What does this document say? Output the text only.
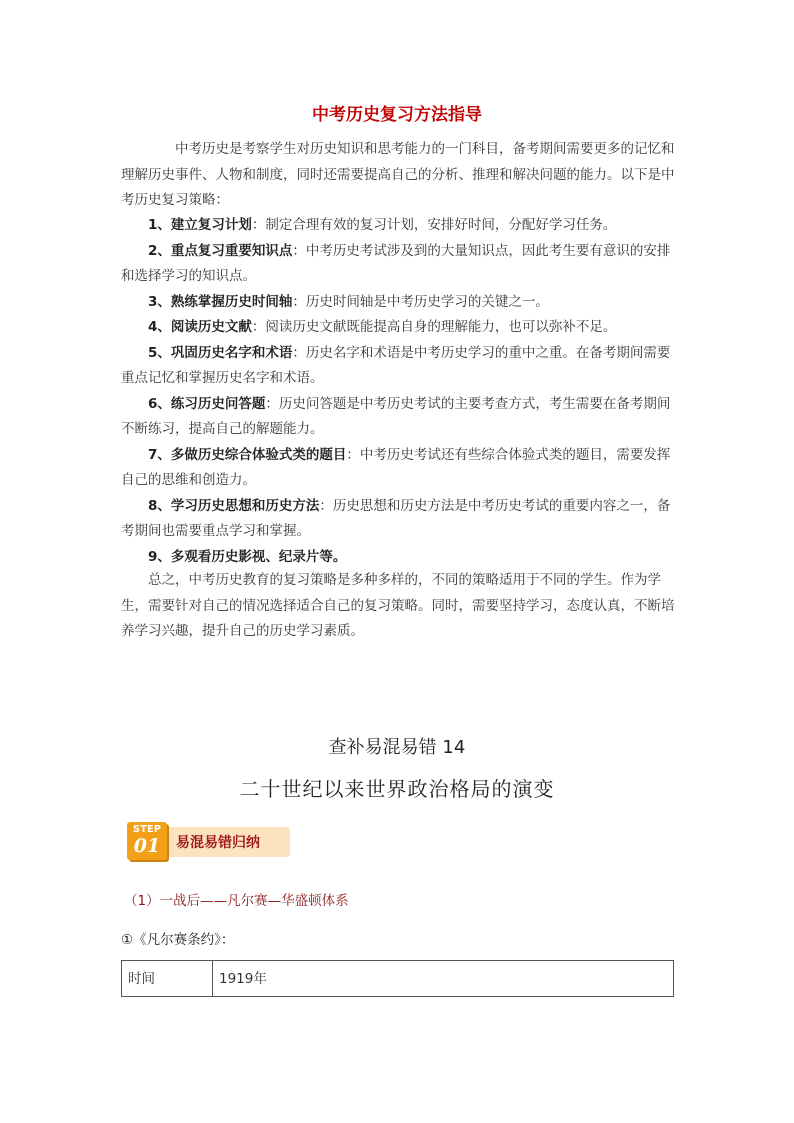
中考历史复习方法指导
中考历史是考察学生对历史知识和思考能力的一门科目，备考期间需要更多的记忆和理解历史事件、人物和制度，同时还需要提高自己的分析、推理和解决问题的能力。以下是中考历史复习策略：

1、建立复习计划：制定合理有效的复习计划，安排好时间，分配好学习任务。

2、重点复习重要知识点：中考历史考试涉及到的大量知识点，因此考生要有意识的安排和选择学习的知识点。

3、熟练掌握历史时间轴：历史时间轴是中考历史学习的关键之一。

4、阅读历史文献：阅读历史文献既能提高自身的理解能力，也可以弥补不足。

5、巩固历史名字和术语：历史名字和术语是中考历史学习的重中之重。在备考期间需要重点记忆和掌握历史名字和术语。

6、练习历史问答题：历史问答题是中考历史考试的主要考查方式，考生需要在备考期间不断练习，提高自己的解题能力。

7、多做历史综合体验式类的题目：中考历史考试还有些综合体验式类的题目，需要发挥自己的思维和创造力。

8、学习历史思想和历史方法：历史思想和历史方法是中考历史考试的重要内容之一，备考期间也需要重点学习和掌握。

9、多观看历史影视、纪录片等。

总之，中考历史教育的复习策略是多种多样的，不同的策略适用于不同的学生。作为学生，需要针对自己的情况选择适合自己的复习策略。同时，需要坚持学习，态度认真，不断培养学习兴趣，提升自己的历史学习素质。
查补易混易错 14
二十世纪以来世界政治格局的演变
STEP
01	易混易错归纳
（1）一战后——凡尔赛—华盛顿体系
①《凡尔赛条约》：
时间	1919年
